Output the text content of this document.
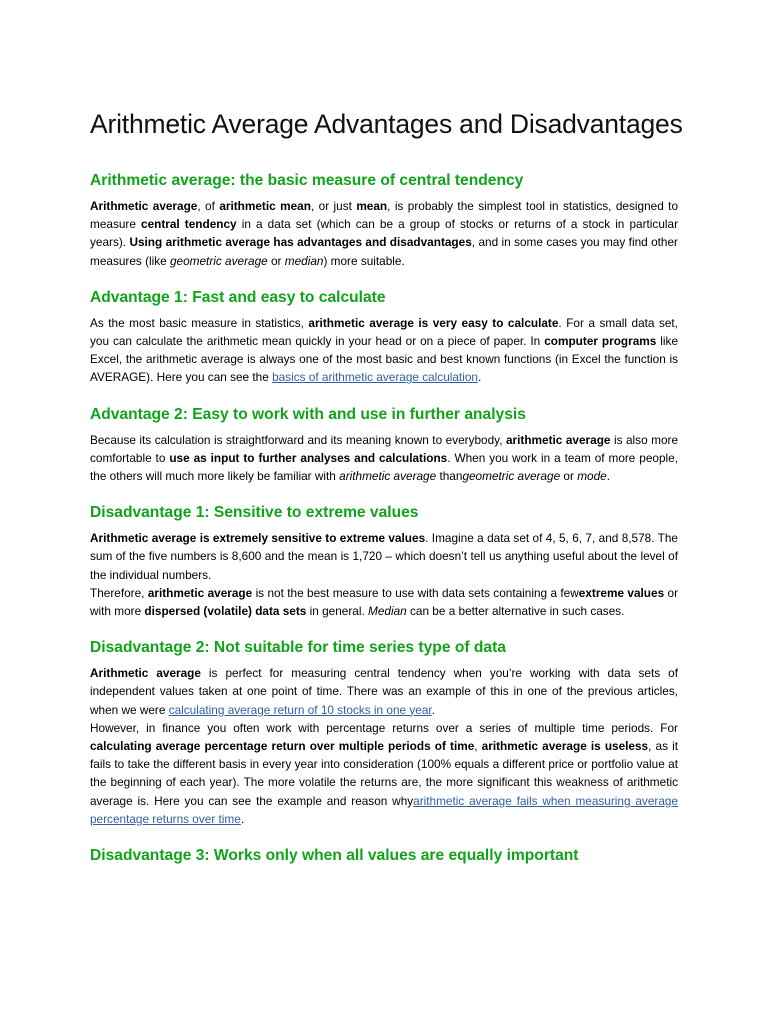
Arithmetic Average Advantages and Disadvantages
Arithmetic average: the basic measure of central tendency

Arithmetic average, of arithmetic mean, or just mean, is probably the simplest tool in statistics, designed to measure central tendency in a data set (which can be a group of stocks or returns of a stock in particular years). Using arithmetic average has advantages and disadvantages, and in some cases you may find other measures (like geometric average or median) more suitable.

Advantage 1: Fast and easy to calculate

As the most basic measure in statistics, arithmetic average is very easy to calculate. For a small data set, you can calculate the arithmetic mean quickly in your head or on a piece of paper. In computer programs like Excel, the arithmetic average is always one of the most basic and best known functions (in Excel the function is AVERAGE). Here you can see the basics of arithmetic average calculation.

Advantage 2: Easy to work with and use in further analysis

Because its calculation is straightforward and its meaning known to everybody, arithmetic average is also more comfortable to use as input to further analyses and calculations. When you work in a team of more people, the others will much more likely be familiar with arithmetic average thangeometric average or mode.

Disadvantage 1: Sensitive to extreme values

Arithmetic average is extremely sensitive to extreme values. Imagine a data set of 4, 5, 6, 7, and 8,578. The sum of the five numbers is 8,600 and the mean is 1,720 – which doesn’t tell us anything useful about the level of the individual numbers.

Therefore, arithmetic average is not the best measure to use with data sets containing a fewextreme values or with more dispersed (volatile) data sets in general. Median can be a better alternative in such cases.

Disadvantage 2: Not suitable for time series type of data

Arithmetic average is perfect for measuring central tendency when you’re working with data sets of independent values taken at one point of time. There was an example of this in one of the previous articles, when we were calculating average return of 10 stocks in one year.

However, in finance you often work with percentage returns over a series of multiple time periods. For calculating average percentage return over multiple periods of time, arithmetic average is useless, as it fails to take the different basis in every year into consideration (100% equals a different price or portfolio value at the beginning of each year). The more volatile the returns are, the more significant this weakness of arithmetic average is. Here you can see the example and reason whyarithmetic average fails when measuring average percentage returns over time.

Disadvantage 3: Works only when all values are equally important
